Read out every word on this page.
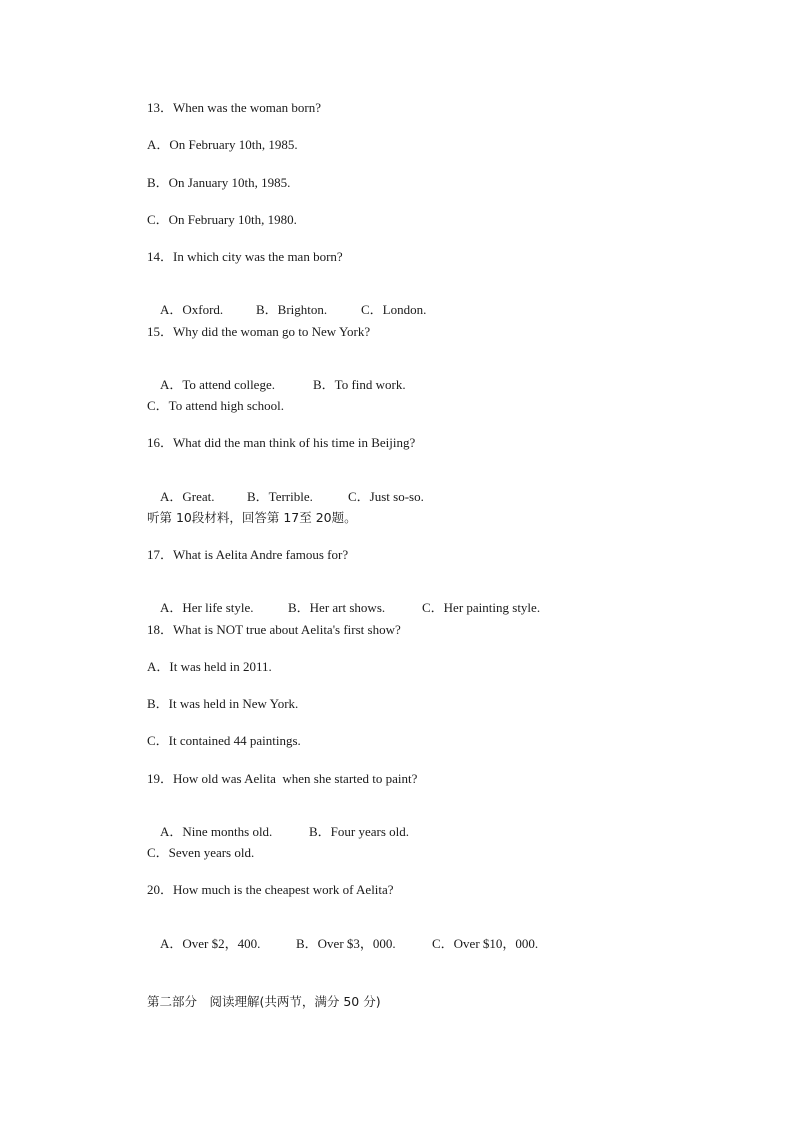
13．When was the woman born?
A．On February 10th, 1985.
B．On January 10th, 1985.
C．On February 10th, 1980.
14．In which city was the man born?

A．Oxford.	B．Brighton.	C．London.

15．Why did the woman go to New York?

A．To attend college.	B．To find work.

C．To attend high school.
16．What did the man think of his time in Beijing?

A．Great. B．Terrible.	C．Just so-so.

听第 10段材料，回答第 17至 20题。
17．What is Aelita Andre famous for?

A．Her life style.	B．Her art shows.	C．Her painting style.

18．What is NOT true about Aelita's first show?
A．It was held in 2011.
B．It was held in New York.
C．It contained 44 paintings.
19．How old was Aelita  when she started to paint?

A．Nine months old.	B．Four years old.

C．Seven years old.
20．How much is the cheapest work of Aelita?

A．Over $2，400.	B．Over $3，000.	C．Over $10，000.

第二部分　阅读理解(共两节，满分 50 分)
